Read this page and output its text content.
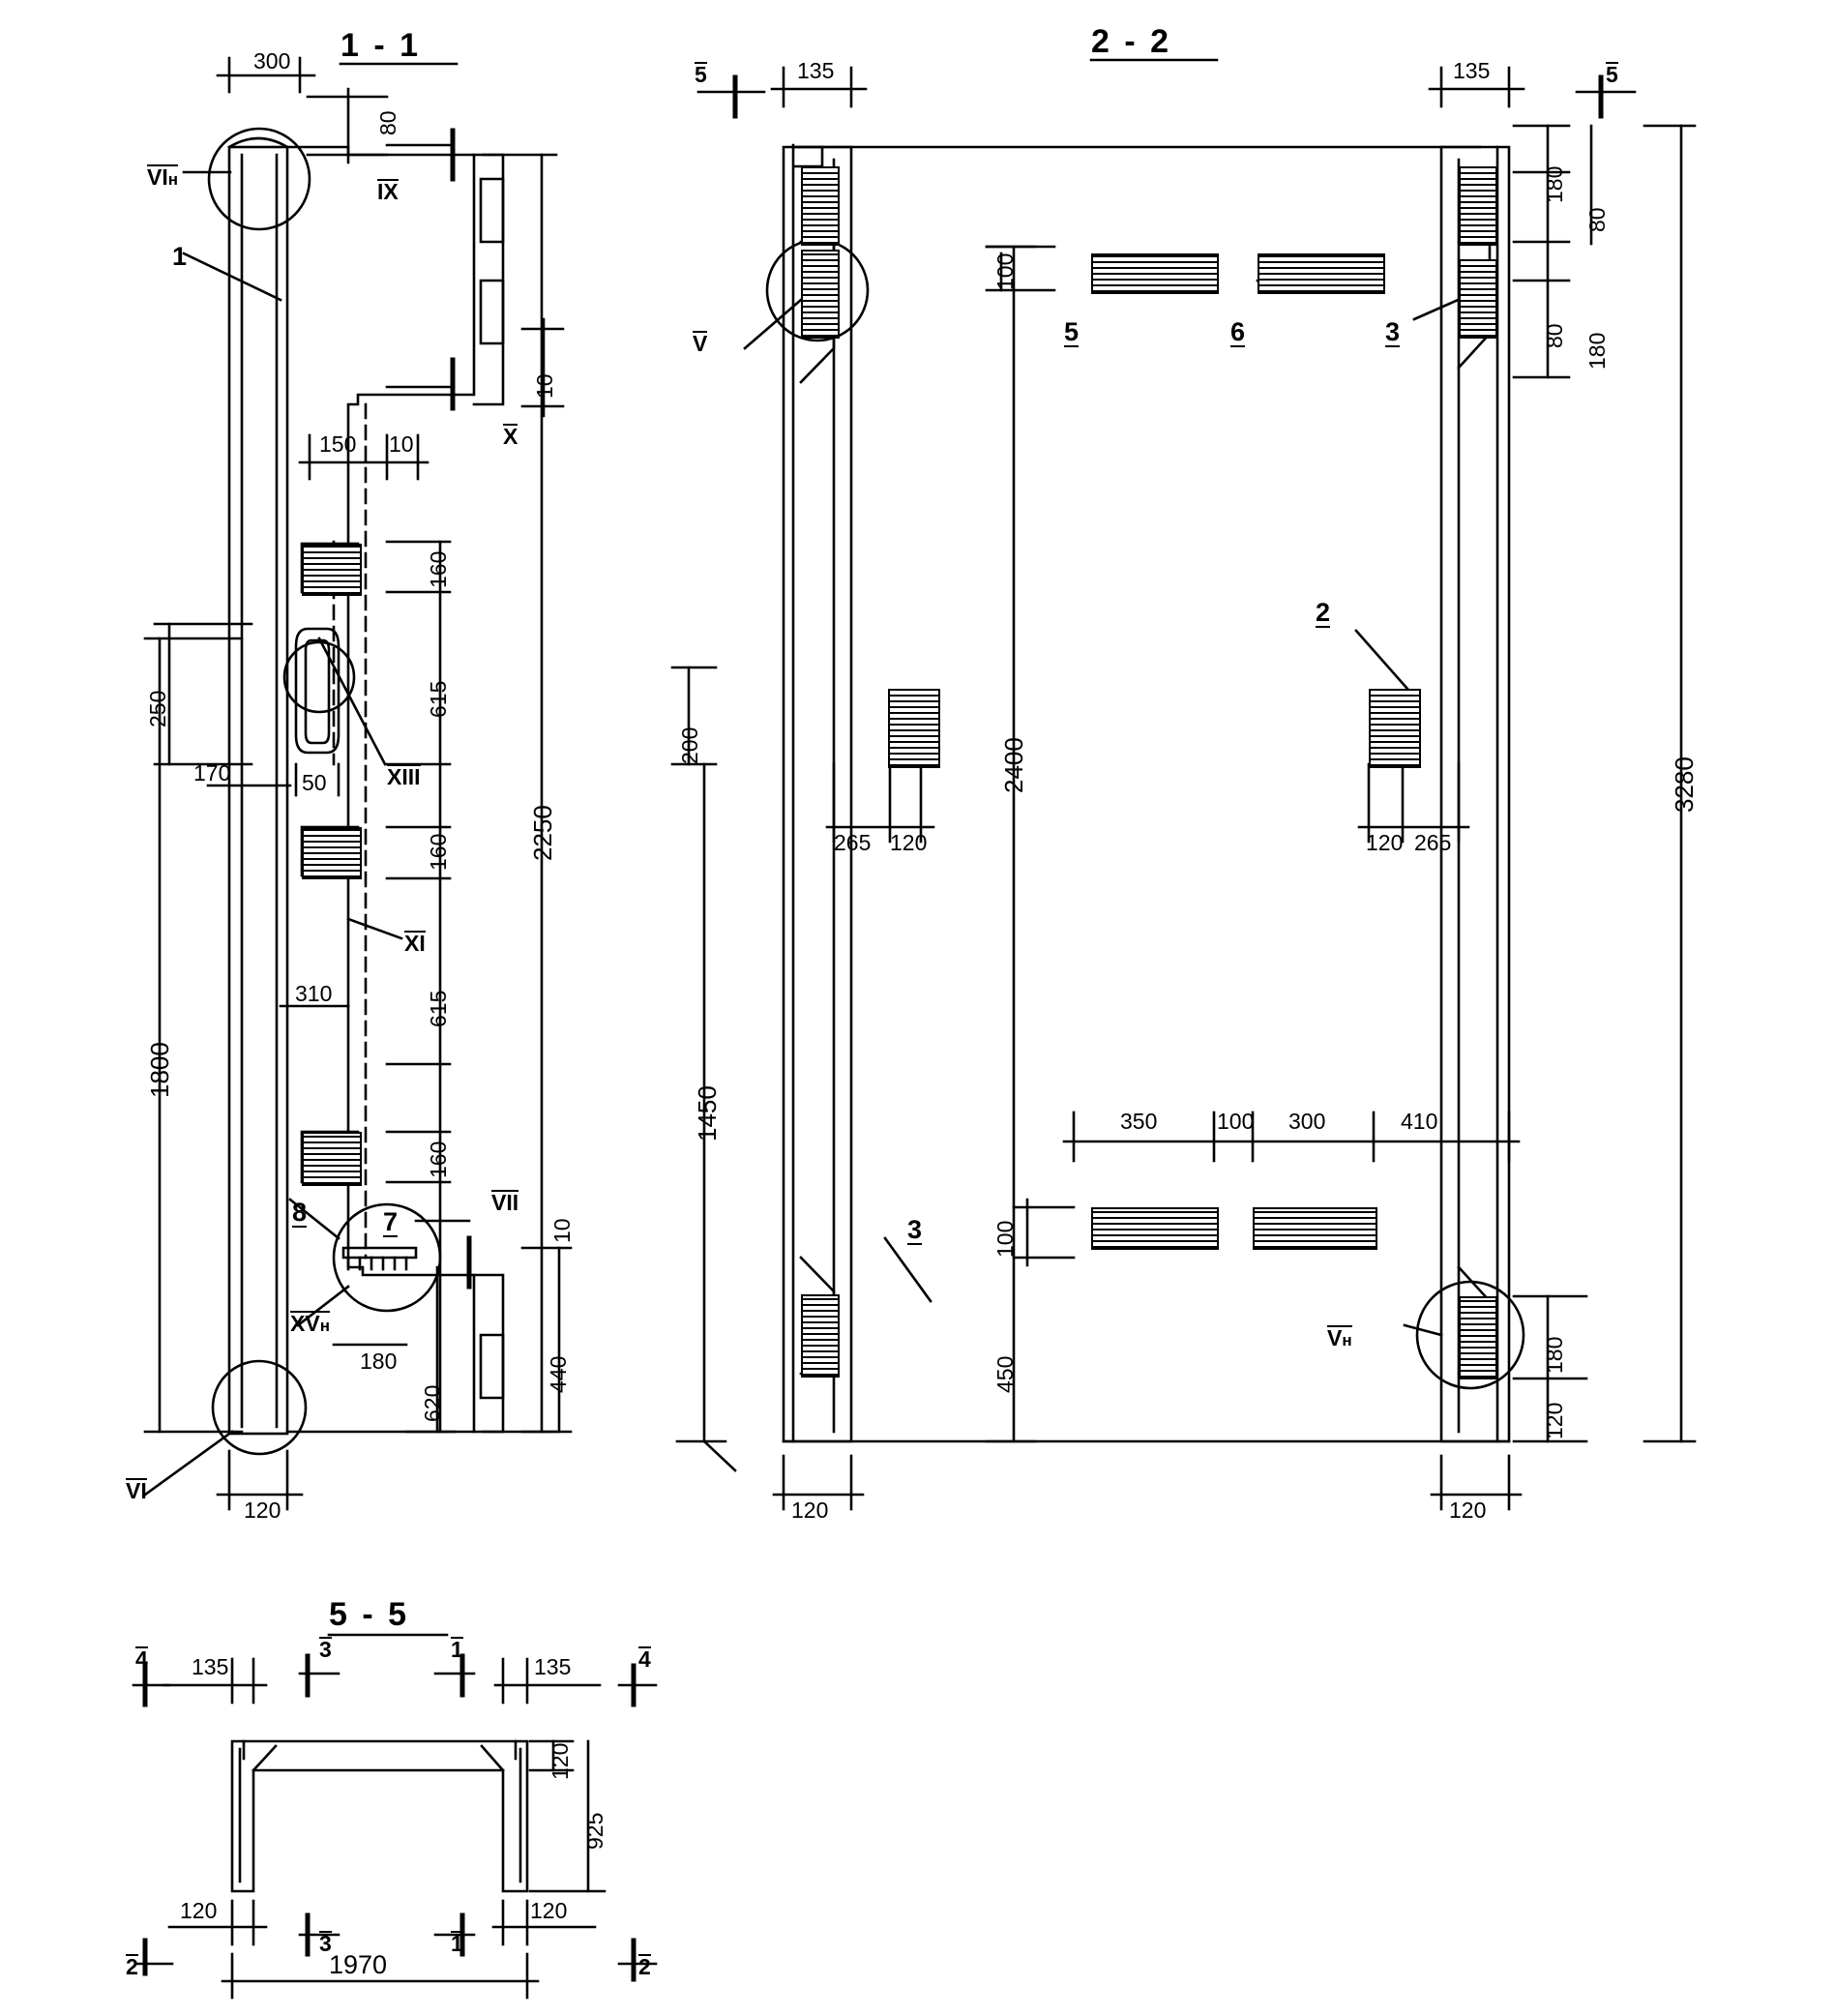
1 - 1	2 - 2
5 - 5
300
80
10
150 10
250
170	50
310
180
620
440
10
2250
1800
160
615
160
615
160
120
VIн	IX
X
XIII
XI
VII
XVн
VI
1
8	7
135	135
5	5
180
80
80 180
3280
100
200
265 120
2400
120 265
1450	350	100 300	410
100
450
180
120
120	120
V
Vн
5	6	3
2
3
135	135
120
925
120	120
1970
4	4
3	1
3	1
2	2
